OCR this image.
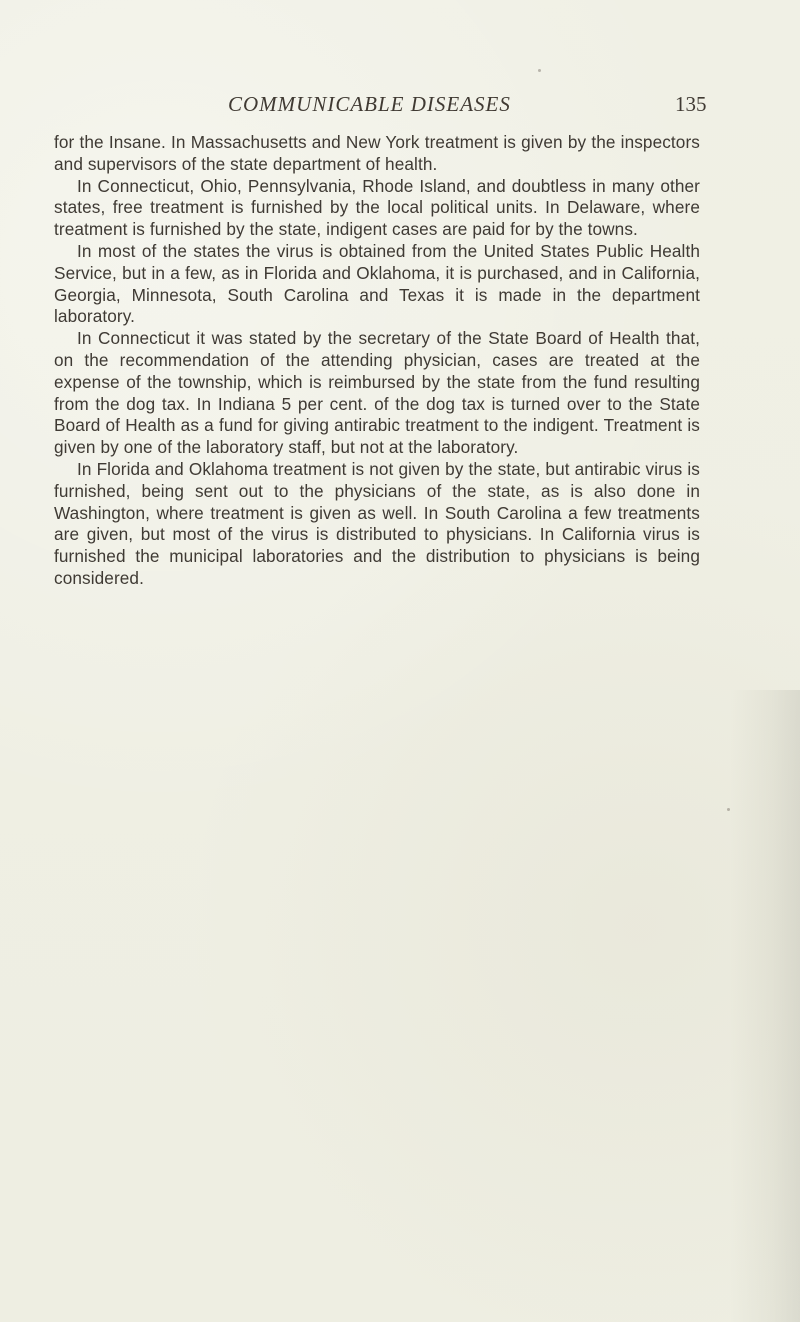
COMMUNICABLE DISEASES	135

for the Insane. In Massachusetts and New York treatment is given by the inspectors and supervisors of the state department of health.

In Connecticut, Ohio, Pennsylvania, Rhode Island, and doubtless in many other states, free treatment is furnished by the local political units. In Delaware, where treatment is furnished by the state, indigent cases are paid for by the towns.

In most of the states the virus is obtained from the United States Public Health Service, but in a few, as in Florida and Oklahoma, it is purchased, and in California, Georgia, Minnesota, South Carolina and Texas it is made in the department laboratory.

In Connecticut it was stated by the secretary of the State Board of Health that, on the recommendation of the attending physician, cases are treated at the expense of the township, which is reimbursed by the state from the fund resulting from the dog tax. In Indiana 5 per cent. of the dog tax is turned over to the State Board of Health as a fund for giving antirabic treatment to the indigent. Treatment is given by one of the laboratory staff, but not at the laboratory.

In Florida and Oklahoma treatment is not given by the state, but antirabic virus is furnished, being sent out to the physicians of the state, as is also done in Washington, where treatment is given as well. In South Carolina a few treatments are given, but most of the virus is distributed to physicians. In California virus is furnished the municipal laboratories and the distribution to physicians is being considered.
